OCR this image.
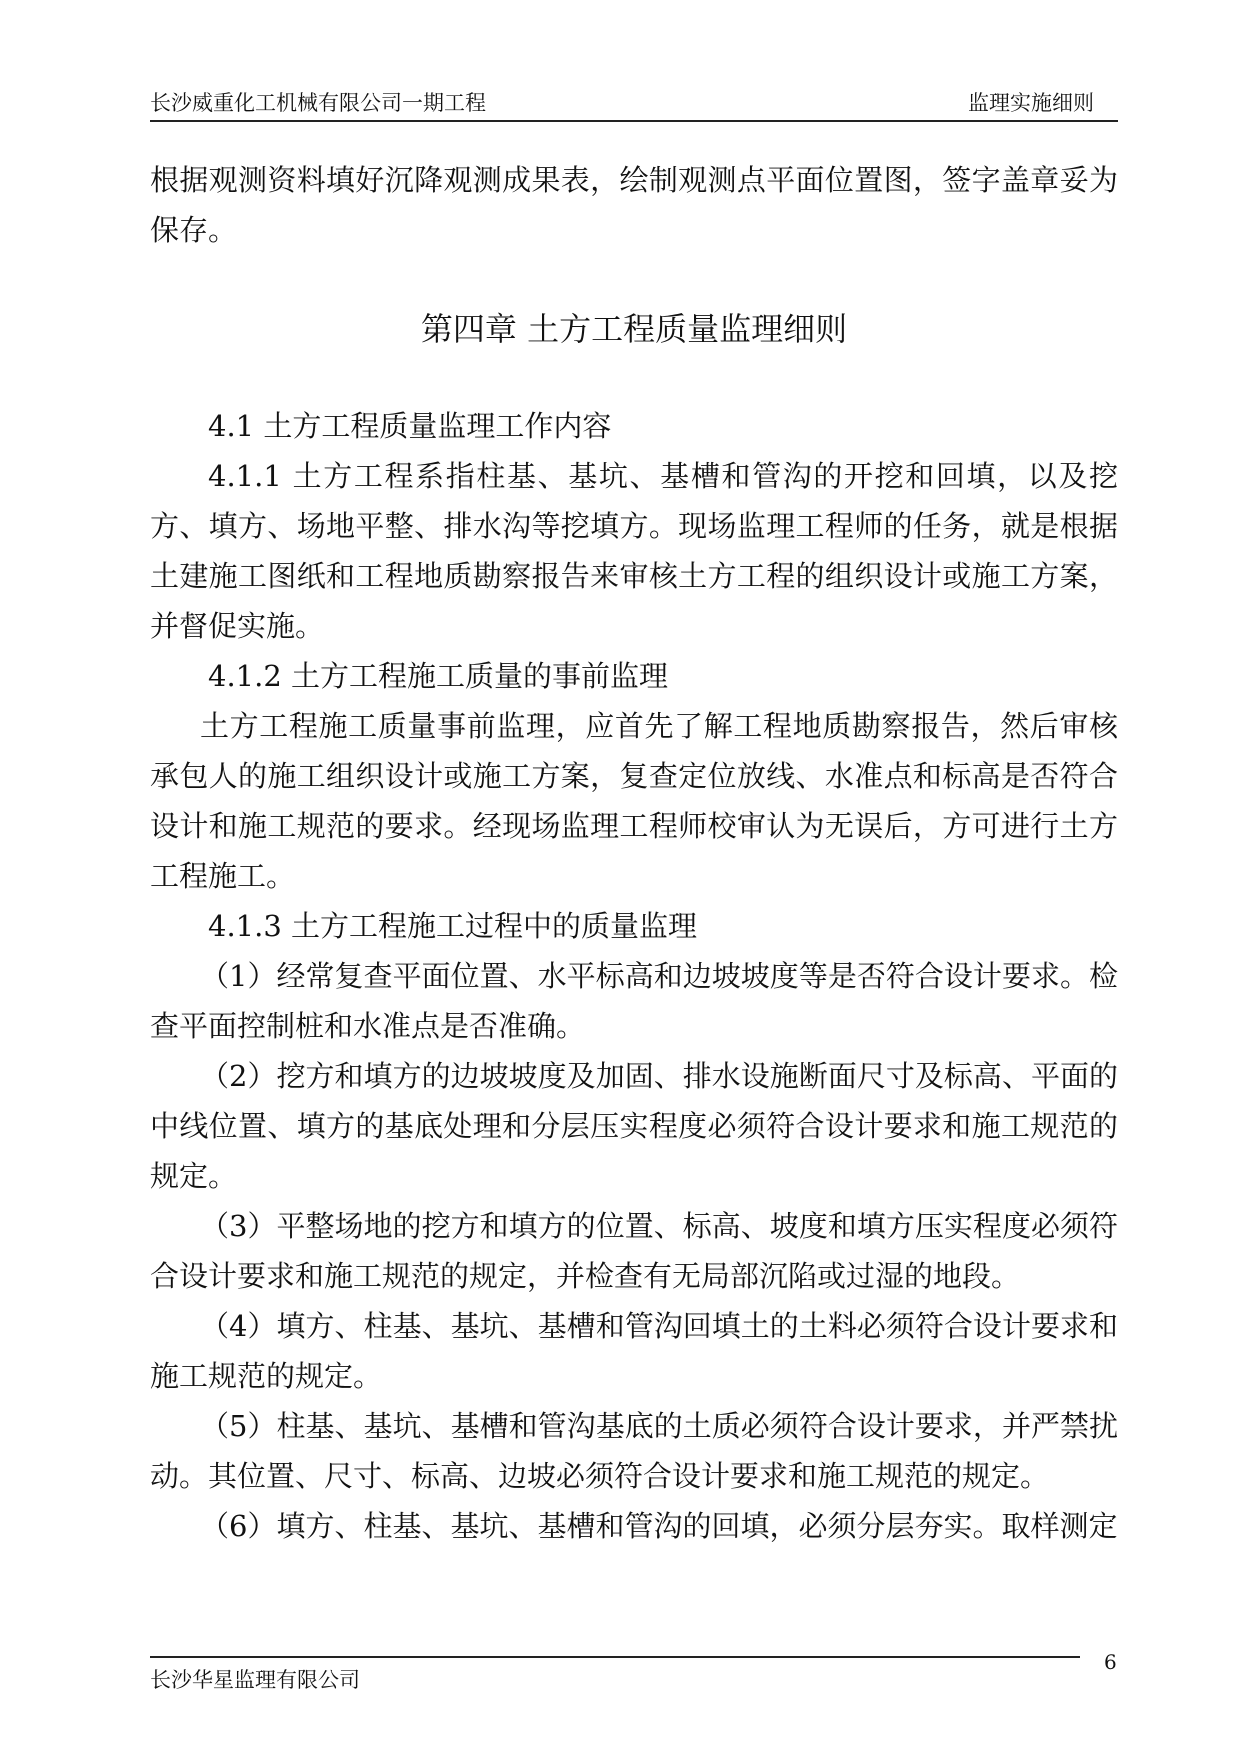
长沙威重化工机械有限公司一期工程	监理实施细则

根据观测资料填好沉降观测成果表，绘制观测点平面位置图，签字盖章妥为保存。

第四章 土方工程质量监理细则

4.1 土方工程质量监理工作内容

4.1.1 土方工程系指柱基、基坑、基槽和管沟的开挖和回填，以及挖方、填方、场地平整、排水沟等挖填方。现场监理工程师的任务，就是根据土建施工图纸和工程地质勘察报告来审核土方工程的组织设计或施工方案，并督促实施。

4.1.2 土方工程施工质量的事前监理

土方工程施工质量事前监理，应首先了解工程地质勘察报告，然后审核承包人的施工组织设计或施工方案，复查定位放线、水准点和标高是否符合设计和施工规范的要求。经现场监理工程师校审认为无误后，方可进行土方工程施工。

4.1.3 土方工程施工过程中的质量监理

（1）经常复查平面位置、水平标高和边坡坡度等是否符合设计要求。检查平面控制桩和水准点是否准确。

（2）挖方和填方的边坡坡度及加固、排水设施断面尺寸及标高、平面的中线位置、填方的基底处理和分层压实程度必须符合设计要求和施工规范的规定。

（3）平整场地的挖方和填方的位置、标高、坡度和填方压实程度必须符合设计要求和施工规范的规定，并检查有无局部沉陷或过湿的地段。

（4）填方、柱基、基坑、基槽和管沟回填土的土料必须符合设计要求和施工规范的规定。

（5）柱基、基坑、基槽和管沟基底的土质必须符合设计要求，并严禁扰动。其位置、尺寸、标高、边坡必须符合设计要求和施工规范的规定。

（6）填方、柱基、基坑、基槽和管沟的回填，必须分层夯实。取样测定

长沙华星监理有限公司
6
